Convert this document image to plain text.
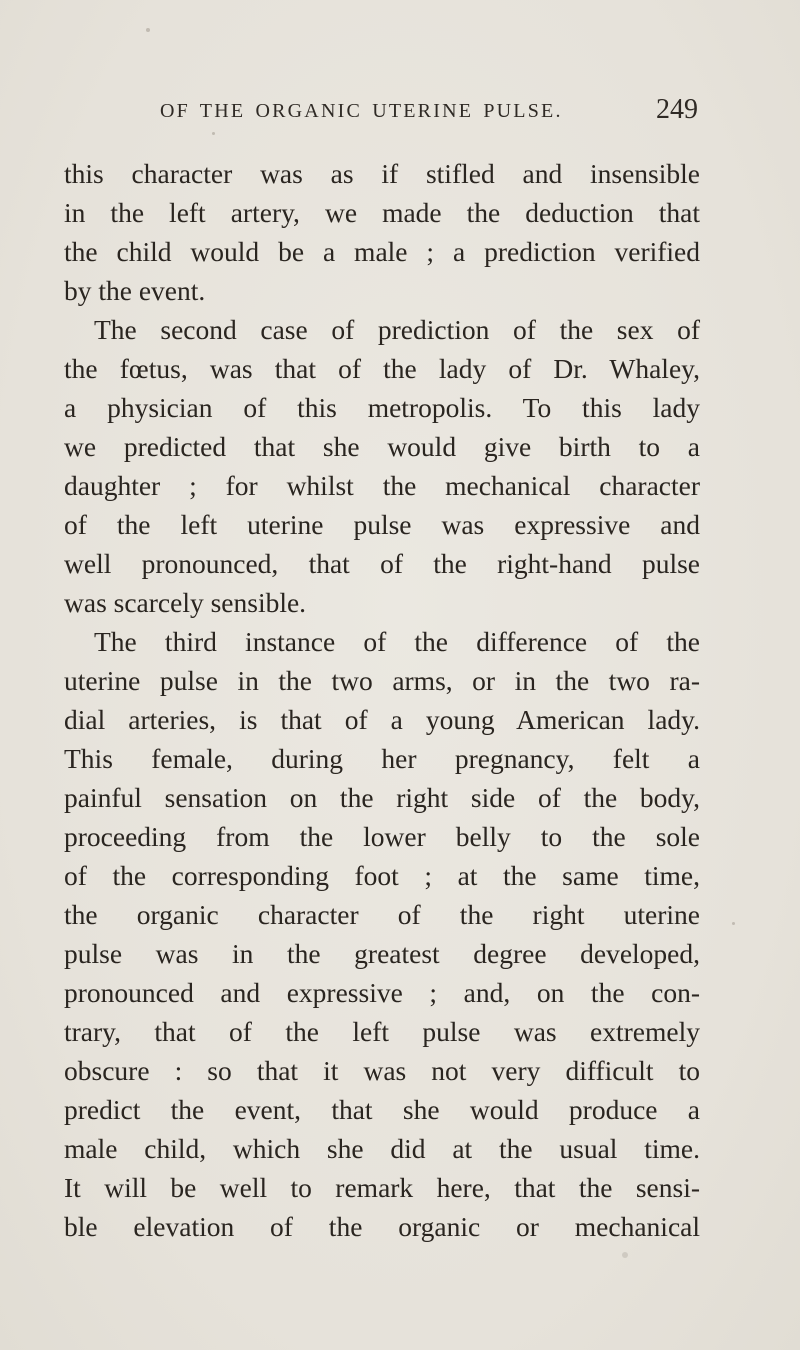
OF THE ORGANIC UTERINE PULSE.	249
this character was as if stifled and insensible
in the left artery, we made the deduction that
the child would be a male ; a prediction verified
by the event.
The second case of prediction of the sex of
the fœtus, was that of the lady of Dr. Whaley,
a physician of this metropolis. To this lady
we predicted that she would give birth to a
daughter ; for whilst the mechanical character
of the left uterine pulse was expressive and
well pronounced, that of the right-hand pulse
was scarcely sensible.
The third instance of the difference of the
uterine pulse in the two arms, or in the two ra-
dial arteries, is that of a young American lady.
This female, during her pregnancy, felt a
painful sensation on the right side of the body,
proceeding from the lower belly to the sole
of the corresponding foot ; at the same time,
the organic character of the right uterine
pulse was in the greatest degree developed,
pronounced and expressive ; and, on the con-
trary, that of the left pulse was extremely
obscure : so that it was not very difficult to
predict the event, that she would produce a
male child, which she did at the usual time.
It will be well to remark here, that the sensi-
ble elevation of the organic or mechanical
